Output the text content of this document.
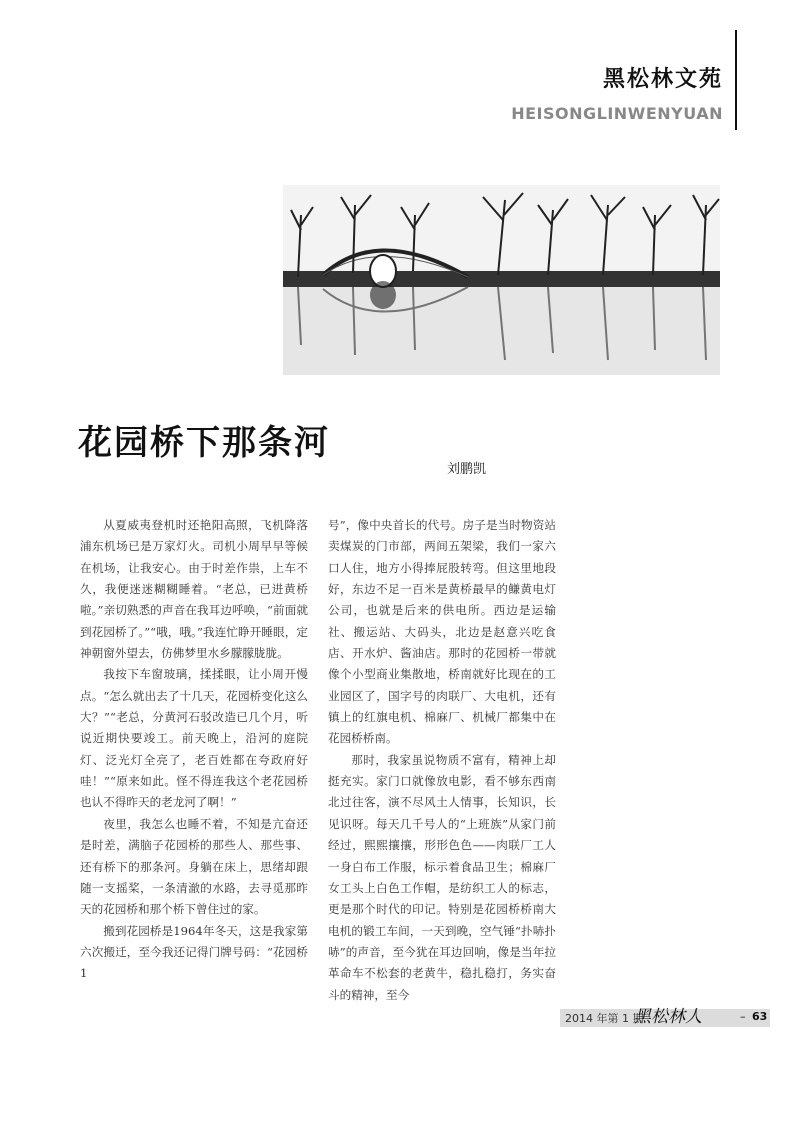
黑松林文苑
HEISONGLINWENYUAN
花园桥下那条河
刘鹏凯

从夏威夷登机时还艳阳高照，飞机降落浦东机场已是万家灯火。司机小周早早等候在机场，让我安心。由于时差作祟，上车不久，我便迷迷糊糊睡着。“老总，已进黄桥啦。”亲切熟悉的声音在我耳边呼唤，“前面就到花园桥了。”“哦，哦。”我连忙睁开睡眼，定神朝窗外望去，仿佛梦里水乡朦朦胧胧。

我按下车窗玻璃，揉揉眼，让小周开慢点。“怎么就出去了十几天，花园桥变化这么大？”“老总，分黄河石驳改造已几个月，听说近期快要竣工。前天晚上，沿河的庭院灯、泛光灯全亮了，老百姓都在夸政府好哇！”“原来如此。怪不得连我这个老花园桥也认不得昨天的老龙河了啊！”

夜里，我怎么也睡不着，不知是亢奋还是时差，满脑子花园桥的那些人、那些事、还有桥下的那条河。身躺在床上，思绪却跟随一支摇桨，一条清澈的水路，去寻觅那昨天的花园桥和那个桥下曾住过的家。

搬到花园桥是1964年冬天，这是我家第六次搬迁，至今我还记得门牌号码：“花园桥1

号”，像中央首长的代号。房子是当时物资站卖煤炭的门市部，两间五架梁，我们一家六口人住，地方小得捧屁股转弯。但这里地段好，东边不足一百米是黄桥最早的鳒黄电灯公司，也就是后来的供电所。西边是运输社、搬运站、大码头，北边是赵意兴吃食店、开水炉、酱油店。那时的花园桥一带就像个小型商业集散地，桥南就好比现在的工业园区了，国字号的肉联厂、大电机，还有镇上的红旗电机、棉麻厂、机械厂都集中在花园桥桥南。

那时，我家虽说物质不富有，精神上却挺充实。家门口就像放电影，看不够东西南北过往客，演不尽风土人情事，长知识，长见识呀。每天几千号人的“上班族”从家门前经过，熙熙攘攘，形形色色——肉联厂工人一身白布工作服，标示着食品卫生；棉麻厂女工头上白色工作帽，是纺织工人的标志，更是那个时代的印记。特别是花园桥桥南大电机的锻工车间，一天到晚，空气锤“扑哧扑哧”的声音，至今犹在耳边回响，像是当年拉革命车不松套的老黄牛，稳扎稳打，务实奋斗的精神，至今

2014 年第 1 期
黑松林人	– 63
